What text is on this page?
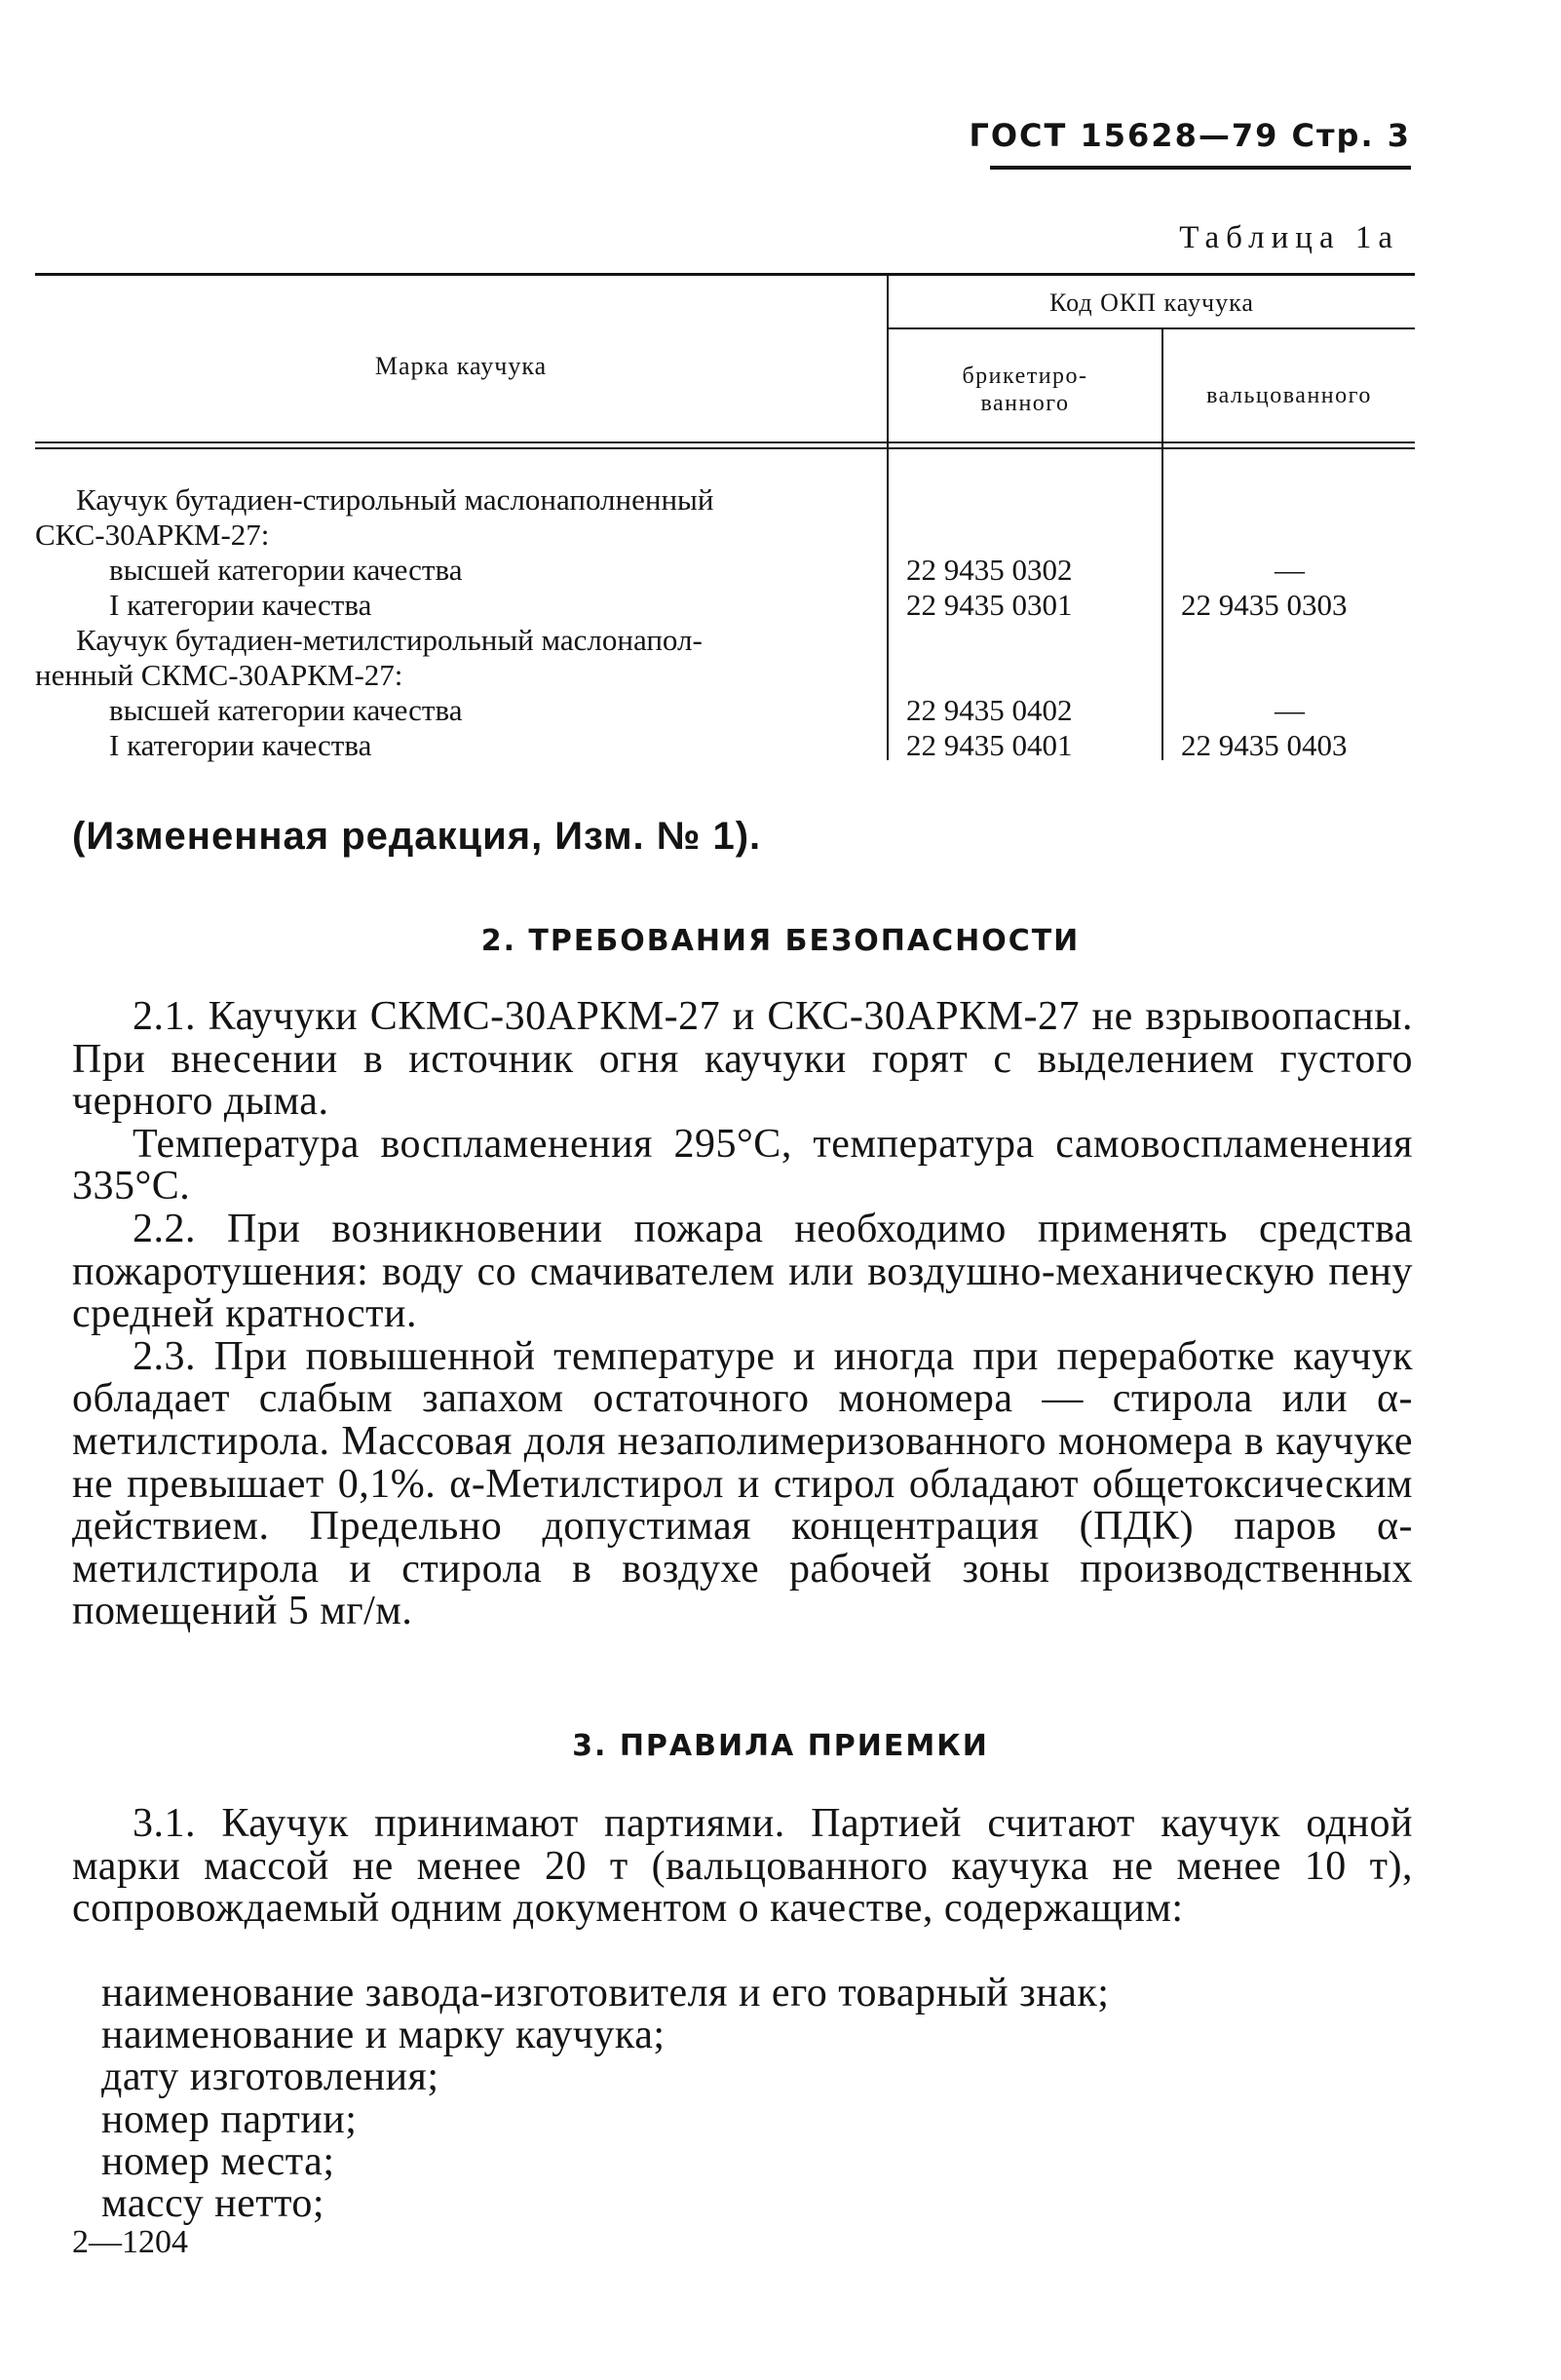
ГОСТ 15628—79 Стр. 3
Таблица 1а
Марка каучука
Код ОКП каучука
брикетиро-
ванного	вальцованного
Каучук бутадиен-стирольный маслонаполненный
СКС-30АРКМ-27:
высшей категории качества	22 9435 0302	—
I категории качества	22 9435 0301	22 9435 0303
Каучук бутадиен-метилстирольный маслонапол-
ненный СКМС-30АРКМ-27:
высшей категории качества	22 9435 0402	—
I категории качества	22 9435 0401	22 9435 0403
(Измененная редакция, Изм. № 1).
2. ТРЕБОВАНИЯ БЕЗОПАСНОСТИ

2.1. Каучуки СКМС-30АРКМ-27 и СКС-30АРКМ-27 не взрывоопасны. При внесении в источник огня каучуки горят с выделением густого черного дыма.

Температура воспламенения 295°С, температура самовоспламенения 335°С.

2.2. При возникновении пожара необходимо применять средства пожаротушения: воду со смачивателем или воздушно-механическую пену средней кратности.

2.3. При повышенной температуре и иногда при переработке каучук обладает слабым запахом остаточного мономера — стирола или α-метилстирола. Массовая доля незаполимеризованного мономера в каучуке не превышает 0,1%. α-Метилстирол и стирол обладают общетоксическим действием. Предельно допустимая концентрация (ПДК) паров α-метилстирола и стирола в воздухе рабочей зоны производственных помещений 5 мг/м.

3. ПРАВИЛА ПРИЕМКИ

3.1. Каучук принимают партиями. Партией считают каучук одной марки массой не менее 20 т (вальцованного каучука не менее 10 т), сопровождаемый одним документом о качестве, содержащим:

наименование завода-изготовителя и его товарный знак;
наименование и марку каучука;
дату изготовления;
номер партии;
номер места;
массу нетто;
2—1204
